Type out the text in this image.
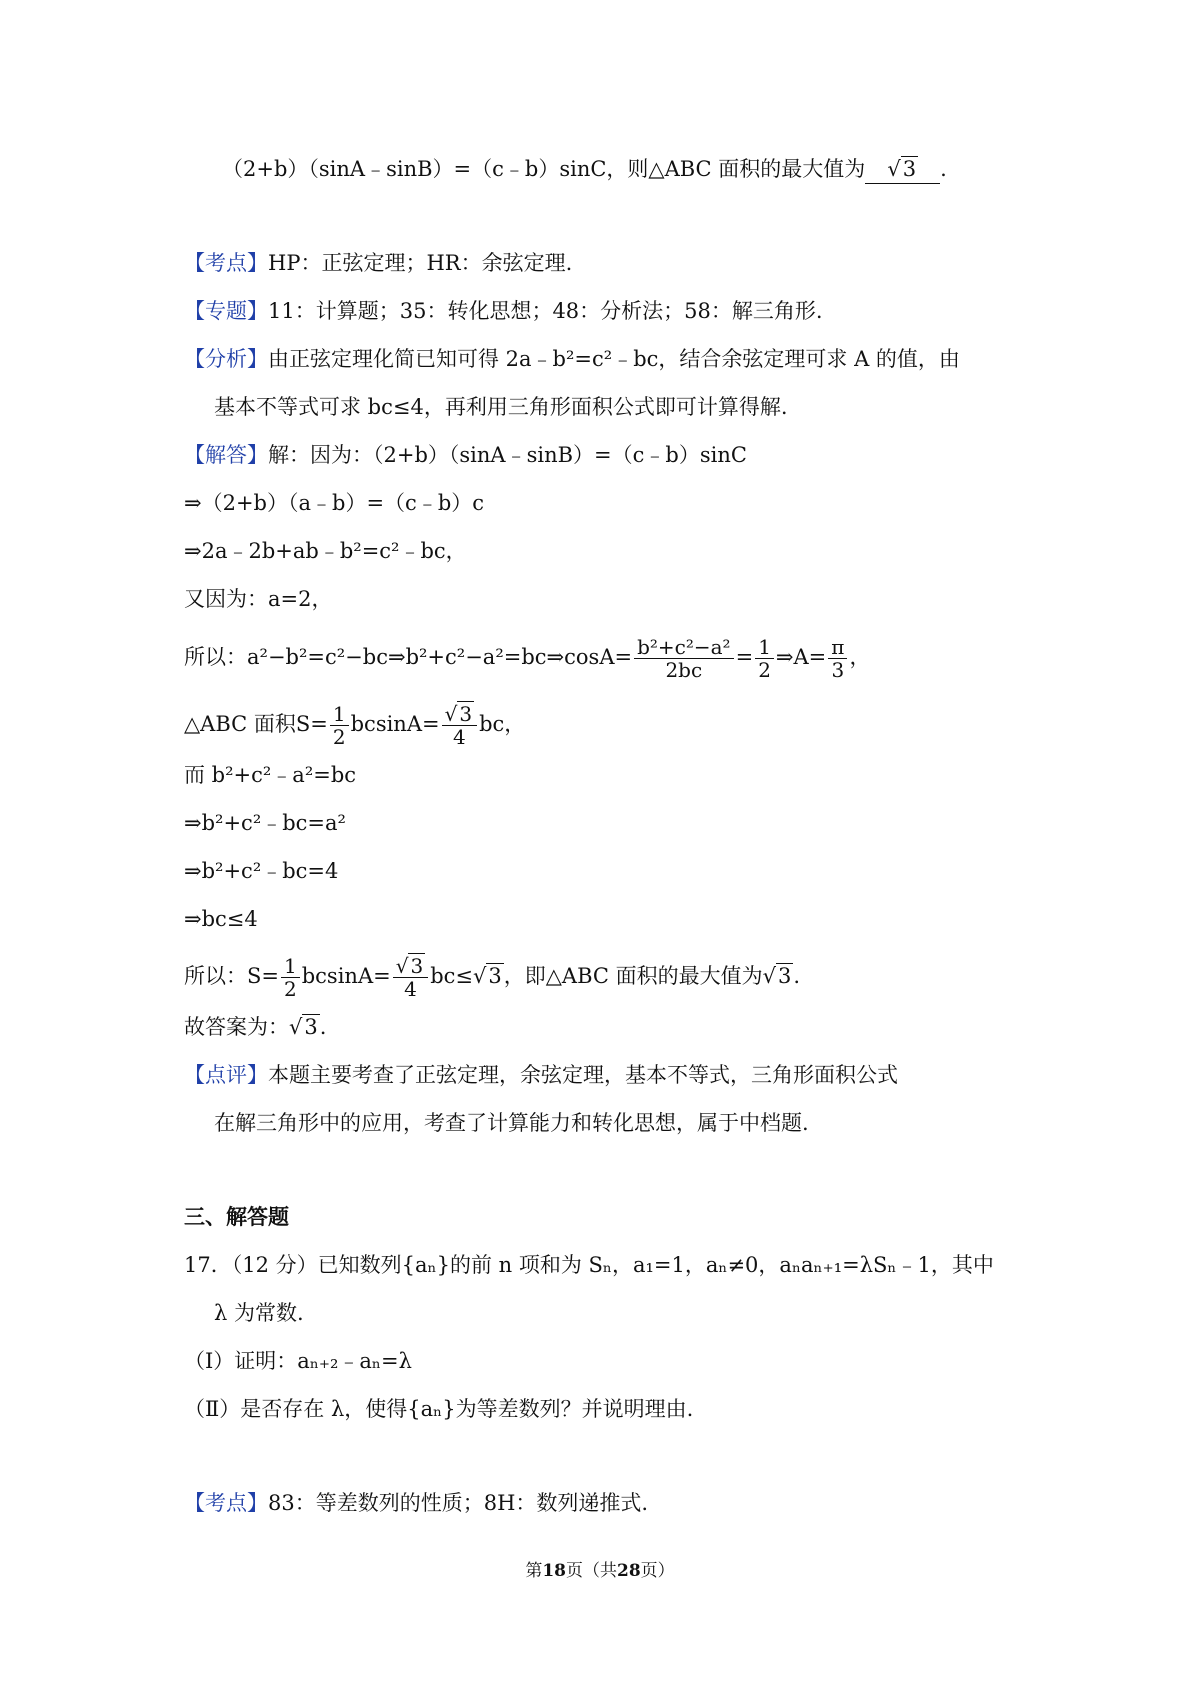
（2+b）（sinA﹣sinB）=（c﹣b）sinC，则△ABC 面积的最大值为 √3 .
【考点】HP：正弦定理；HR：余弦定理.
【专题】11：计算题；35：转化思想；48：分析法；58：解三角形.
【分析】由正弦定理化简已知可得 2a﹣b²=c²﹣bc，结合余弦定理可求 A 的值，由
基本不等式可求 bc≤4，再利用三角形面积公式即可计算得解.
【解答】解：因为：（2+b）（sinA﹣sinB）=（c﹣b）sinC
⇒（2+b）（a﹣b）=（c﹣b）c
⇒2a﹣2b+ab﹣b²=c²﹣bc，
又因为：a=2，
所以：a²−b²=c²−bc⇒b²+c²−a²=bc⇒cosA= $\frac{\text{b²+c²−a²}}{2bc} = \frac{1}{2}$ ⇒A= $\frac{\pi}{3}$ ，
△ABC 面积$S= \frac{1}{2} bcsinA= \frac{√ 3}{4}$ bc，
而 b²+c²﹣a²=bc
⇒b²+c²﹣bc=a²
⇒b²+c²﹣bc=4
⇒bc≤4
所以：$S= \frac{1}{2} bcsinA= \frac{√ 3}{4} bc\le√3$，即△ABC 面积的最大值为√3.
故答案为：√3.
【点评】本题主要考查了正弦定理，余弦定理，基本不等式，三角形面积公式
在解三角形中的应用，考查了计算能力和转化思想，属于中档题.
三、解答题
17．（12 分）已知数列{aₙ}的前 n 项和为 Sₙ，a₁=1，aₙ≠0，aₙaₙ₊₁=λSₙ﹣1，其中
λ 为常数.
（Ⅰ）证明：aₙ₊₂﹣aₙ=λ
（Ⅱ）是否存在 λ，使得{aₙ}为等差数列？并说明理由.
【考点】83：等差数列的性质；8H：数列递推式.
第18页（共28页）
